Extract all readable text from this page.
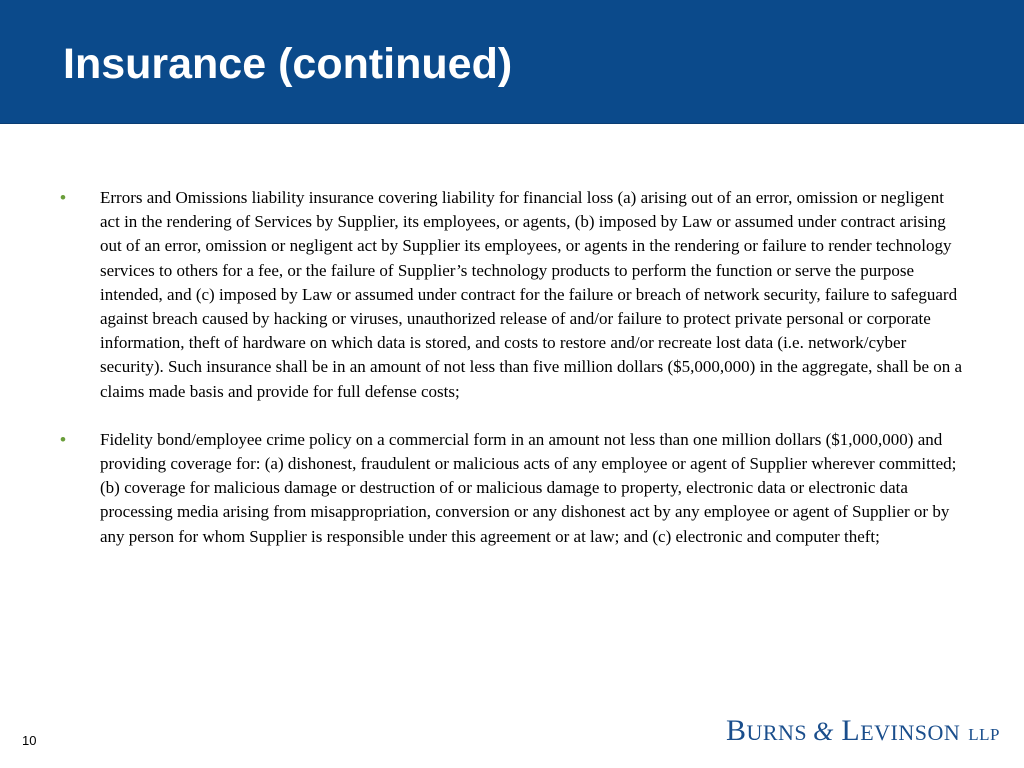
Insurance (continued)
• Errors and Omissions liability insurance covering liability for financial loss (a) arising out of an error, omission or negligent act in the rendering of Services by Supplier, its employees, or agents, (b) imposed by Law or assumed under contract arising out of an error, omission or negligent act by Supplier its employees, or agents in the rendering or failure to render technology services to others for a fee, or the failure of Supplier’s technology products to perform the function or serve the purpose intended, and (c) imposed by Law or assumed under contract for the failure or breach of network security, failure to safeguard against breach caused by hacking or viruses, unauthorized release of and/or failure to protect private personal or corporate information, theft of hardware on which data is stored, and costs to restore and/or recreate lost data (i.e. network/cyber security). Such insurance shall be in an amount of not less than five million dollars ($5,000,000) in the aggregate, shall be on a claims made basis and provide for full defense costs;
• Fidelity bond/employee crime policy on a commercial form in an amount not less than one million dollars ($1,000,000) and providing coverage for: (a) dishonest, fraudulent or malicious acts of any employee or agent of Supplier wherever committed; (b) coverage for malicious damage or destruction of or malicious damage to property, electronic data or electronic data processing media arising from misappropriation, conversion or any dishonest act by any employee or agent of Supplier or by any person for whom Supplier is responsible under this agreement or at law; and (c) electronic and computer theft;
10	B URNS & L EVINSON LLP
